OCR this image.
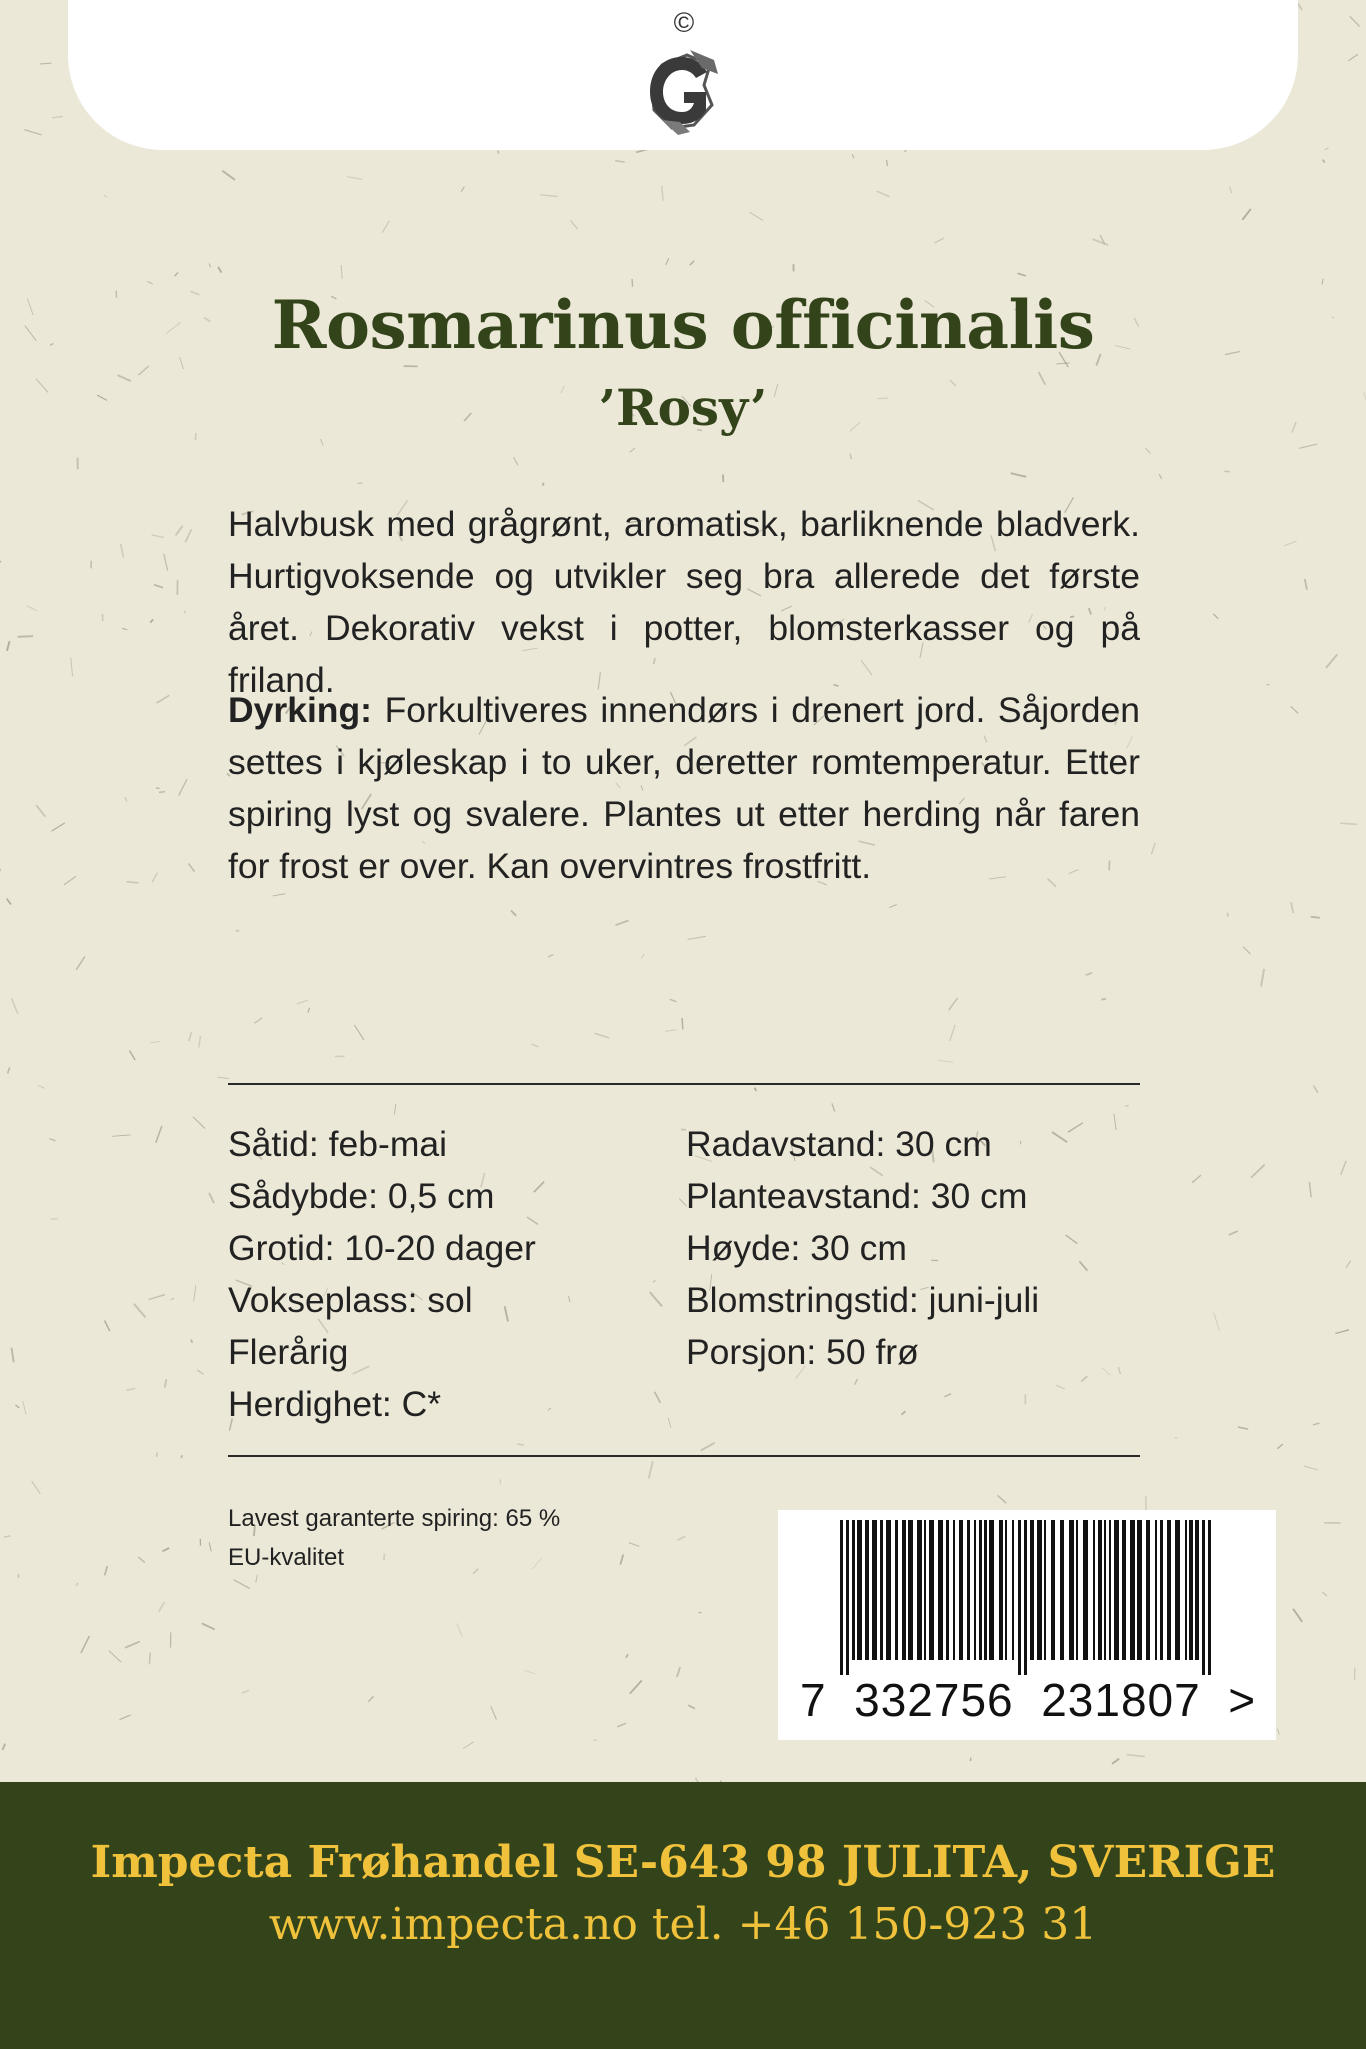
©
Rosmarinus officinalis
’Rosy’

Halvbusk med grågrønt, aromatisk, barliknende bladverk. Hurtigvoksende og utvikler seg bra allerede det første året. Dekorativ vekst i potter, blomsterkasser og på friland.

Dyrking: Forkultiveres innendørs i drenert jord. Såjorden settes i kjøleskap i to uker, deretter romtemperatur. Etter spiring lyst og svalere. Plantes ut etter herding når faren for frost er over. Kan overvintres frostfritt.

Såtid: feb-mai
Sådybde: 0,5 cm
Grotid: 10-20 dager
Vokseplass: sol
Flerårig
Herdighet: C*
Radavstand: 30 cm
Planteavstand: 30 cm
Høyde: 30 cm
Blomstringstid: juni-juli
Porsjon: 50 frø
Lavest garanterte spiring: 65 %
EU-kvalitet
7  332756  231807  >
Impecta Frøhandel SE-643 98 JULITA, SVERIGE
www.impecta.no tel. +46 150-923 31
